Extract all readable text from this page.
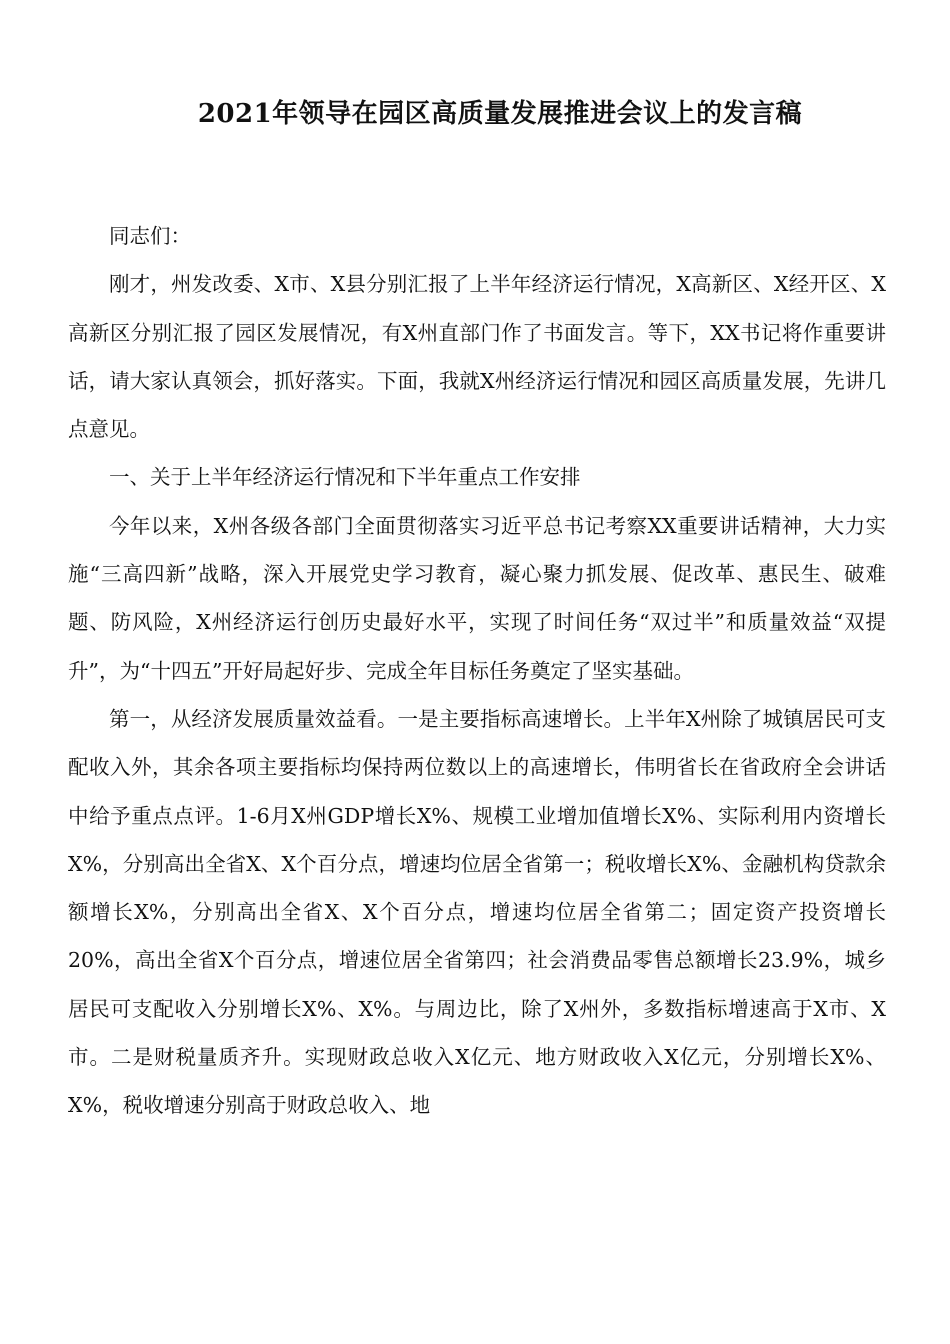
2021年领导在园区高质量发展推进会议上的发言稿

同志们：

刚才，州发改委、X市、X县分别汇报了上半年经济运行情况，X高新区、X经开区、X高新区分别汇报了园区发展情况，有X州直部门作了书面发言。等下，XX书记将作重要讲话，请大家认真领会，抓好落实。下面，我就X州经济运行情况和园区高质量发展，先讲几点意见。

一、关于上半年经济运行情况和下半年重点工作安排

今年以来，X州各级各部门全面贯彻落实习近平总书记考察XX重要讲话精神，大力实施“三高四新”战略，深入开展党史学习教育，凝心聚力抓发展、促改革、惠民生、破难题、防风险，X州经济运行创历史最好水平，实现了时间任务“双过半”和质量效益“双提升”，为“十四五”开好局起好步、完成全年目标任务奠定了坚实基础。

第一，从经济发展质量效益看。一是主要指标高速增长。上半年X州除了城镇居民可支配收入外，其余各项主要指标均保持两位数以上的高速增长，伟明省长在省政府全会讲话中给予重点点评。1-6月X州GDP增长X%、规模工业增加值增长X%、实际利用内资增长X%，分别高出全省X、X个百分点，增速均位居全省第一；税收增长X%、金融机构贷款余额增长X%，分别高出全省X、X个百分点，增速均位居全省第二；固定资产投资增长20%，高出全省X个百分点，增速位居全省第四；社会消费品零售总额增长23.9%，城乡居民可支配收入分别增长X%、X%。与周边比，除了X州外，多数指标增速高于X市、X市。二是财税量质齐升。实现财政总收入X亿元、地方财政收入X亿元，分别增长X%、X%，税收增速分别高于财政总收入、地
